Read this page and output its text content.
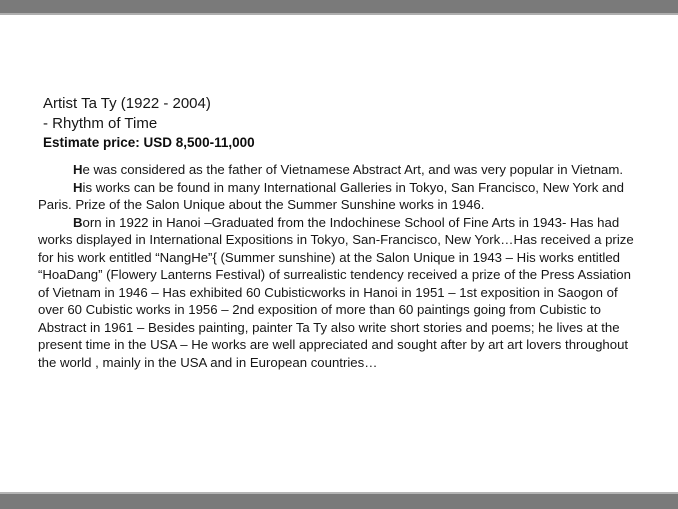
Artist Ta Ty (1922 - 2004)
- Rhythm of Time
Estimate price: USD 8,500-11,000

He was considered as the father of Vietnamese Abstract Art, and was very popular in Vietnam.

His works can be found in many International Galleries in Tokyo, San Francisco, New York and Paris. Prize of the Salon Unique about the Summer Sunshine works in 1946.

Born in 1922 in Hanoi –Graduated from the Indochinese School of Fine Arts in 1943- Has had works displayed in International Expositions in Tokyo, San-Francisco, New York…Has received a prize for his work entitled “NangHe”{ (Summer sunshine) at the Salon Unique in 1943 – His works entitled “HoaDang” (Flowery Lanterns Festival) of surrealistic tendency received a prize of the Press Assiation of Vietnam in 1946 – Has exhibited 60 Cubisticworks in Hanoi in 1951 – 1st exposition in Saogon of over 60 Cubistic works in 1956 – 2nd exposition of more than 60 paintings going from Cubistic to Abstract in 1961 – Besides painting, painter Ta Ty also write short stories and poems; he lives at the present time in the USA – He works are well appreciated and sought after by art art lovers throughout the world , mainly in the USA and in European countries…
